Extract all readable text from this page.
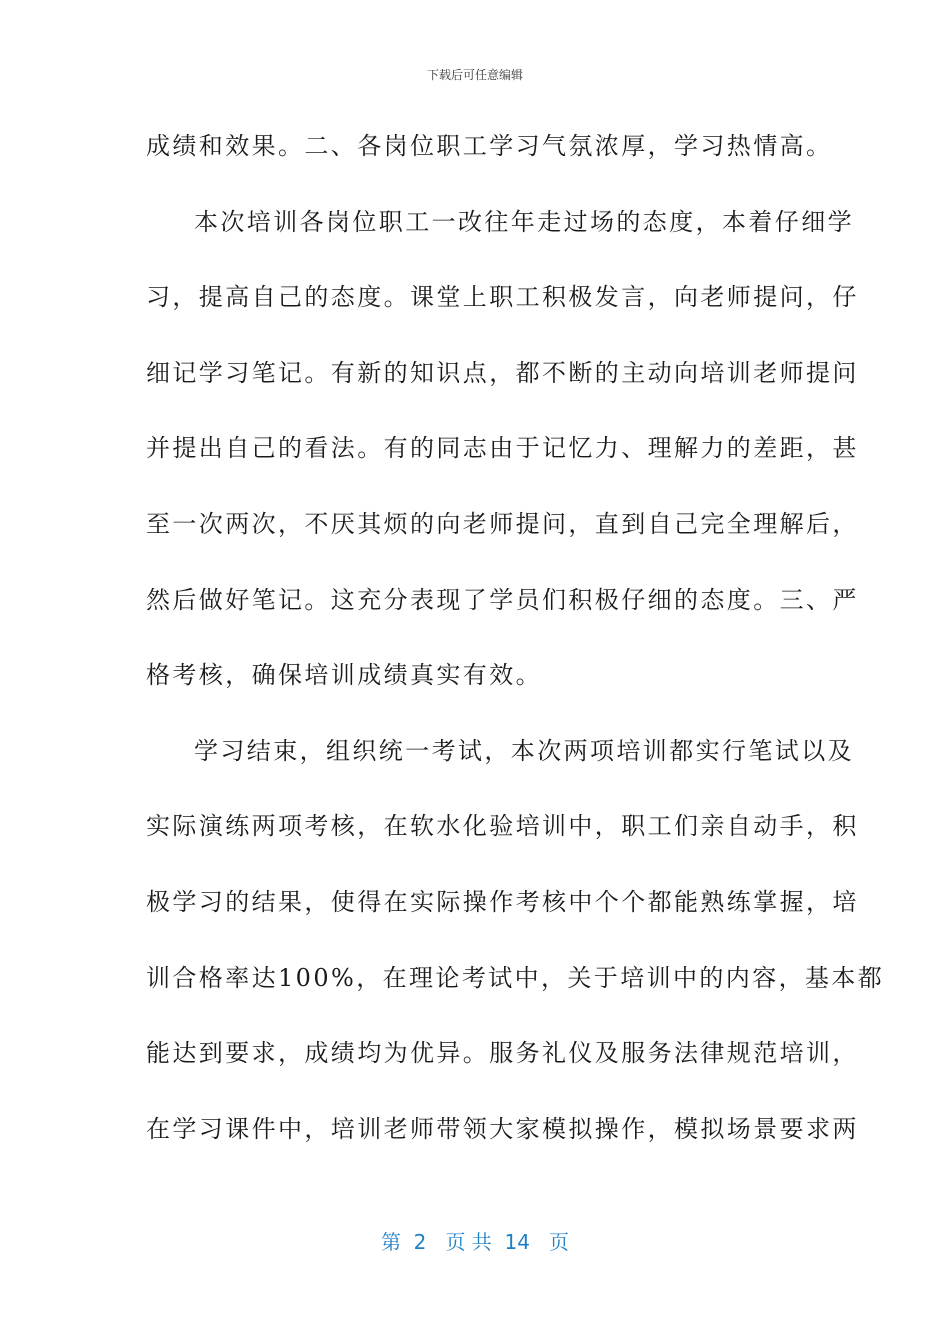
下载后可任意编辑
成绩和效果。二、各岗位职工学习气氛浓厚，学习热情高。
本次培训各岗位职工一改往年走过场的态度，本着仔细学
习，提高自己的态度。课堂上职工积极发言，向老师提问，仔
细记学习笔记。有新的知识点，都不断的主动向培训老师提问
并提出自己的看法。有的同志由于记忆力、理解力的差距，甚
至一次两次，不厌其烦的向老师提问，直到自己完全理解后，
然后做好笔记。这充分表现了学员们积极仔细的态度。三、严
格考核，确保培训成绩真实有效。
学习结束，组织统一考试，本次两项培训都实行笔试以及
实际演练两项考核，在软水化验培训中，职工们亲自动手，积
极学习的结果，使得在实际操作考核中个个都能熟练掌握，培
训合格率达100%，在理论考试中，关于培训中的内容，基本都
能达到要求，成绩均为优异。服务礼仪及服务法律规范培训，
在学习课件中，培训老师带领大家模拟操作，模拟场景要求两
第  2   页 共  14   页
